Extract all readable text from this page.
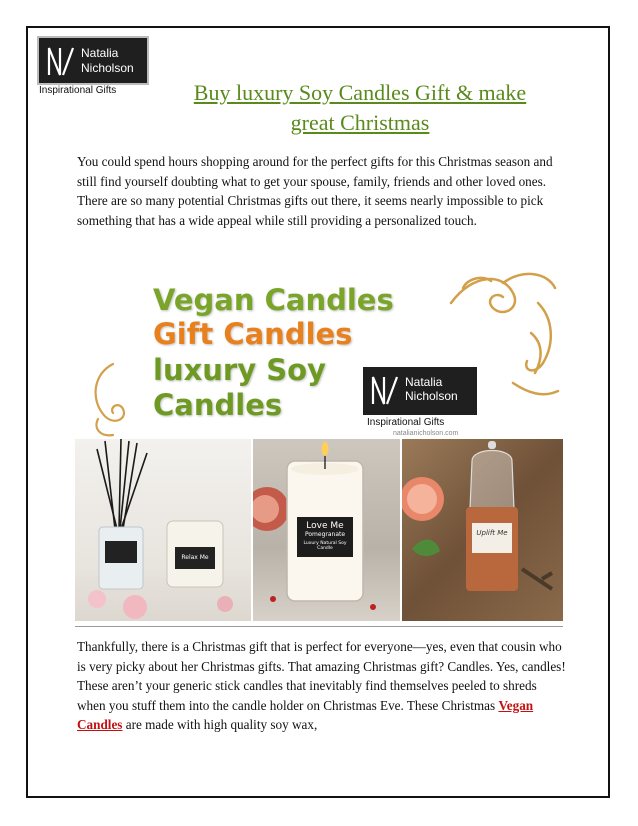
Natalia
Nicholson
Inspirational Gifts	Buy luxury Soy Candles Gift & make
great Christmas

You could spend hours shopping around for the perfect gifts for this Christmas season and still find yourself doubting what to get your spouse, family, friends and other loved ones. There are so many potential Christmas gifts out there, it seems nearly impossible to pick something that has a wide appeal while still providing a personalized touch.

Vegan Candles
Gift Candles
luxury Soy
Candles
Natalia
Nicholson
Inspirational Gifts
natalianicholson.com
Relax Me
Love Me
Pomegranate
Luxury Natural Soy Candle
Uplift Me

Thankfully, there is a Christmas gift that is perfect for everyone—yes, even that cousin who is very picky about her Christmas gifts. That amazing Christmas gift? Candles. Yes, candles! These aren’t your generic stick candles that inevitably find themselves peeled to shreds when you stuff them into the candle holder on Christmas Eve. These Christmas Vegan Candles are made with high quality soy wax,
